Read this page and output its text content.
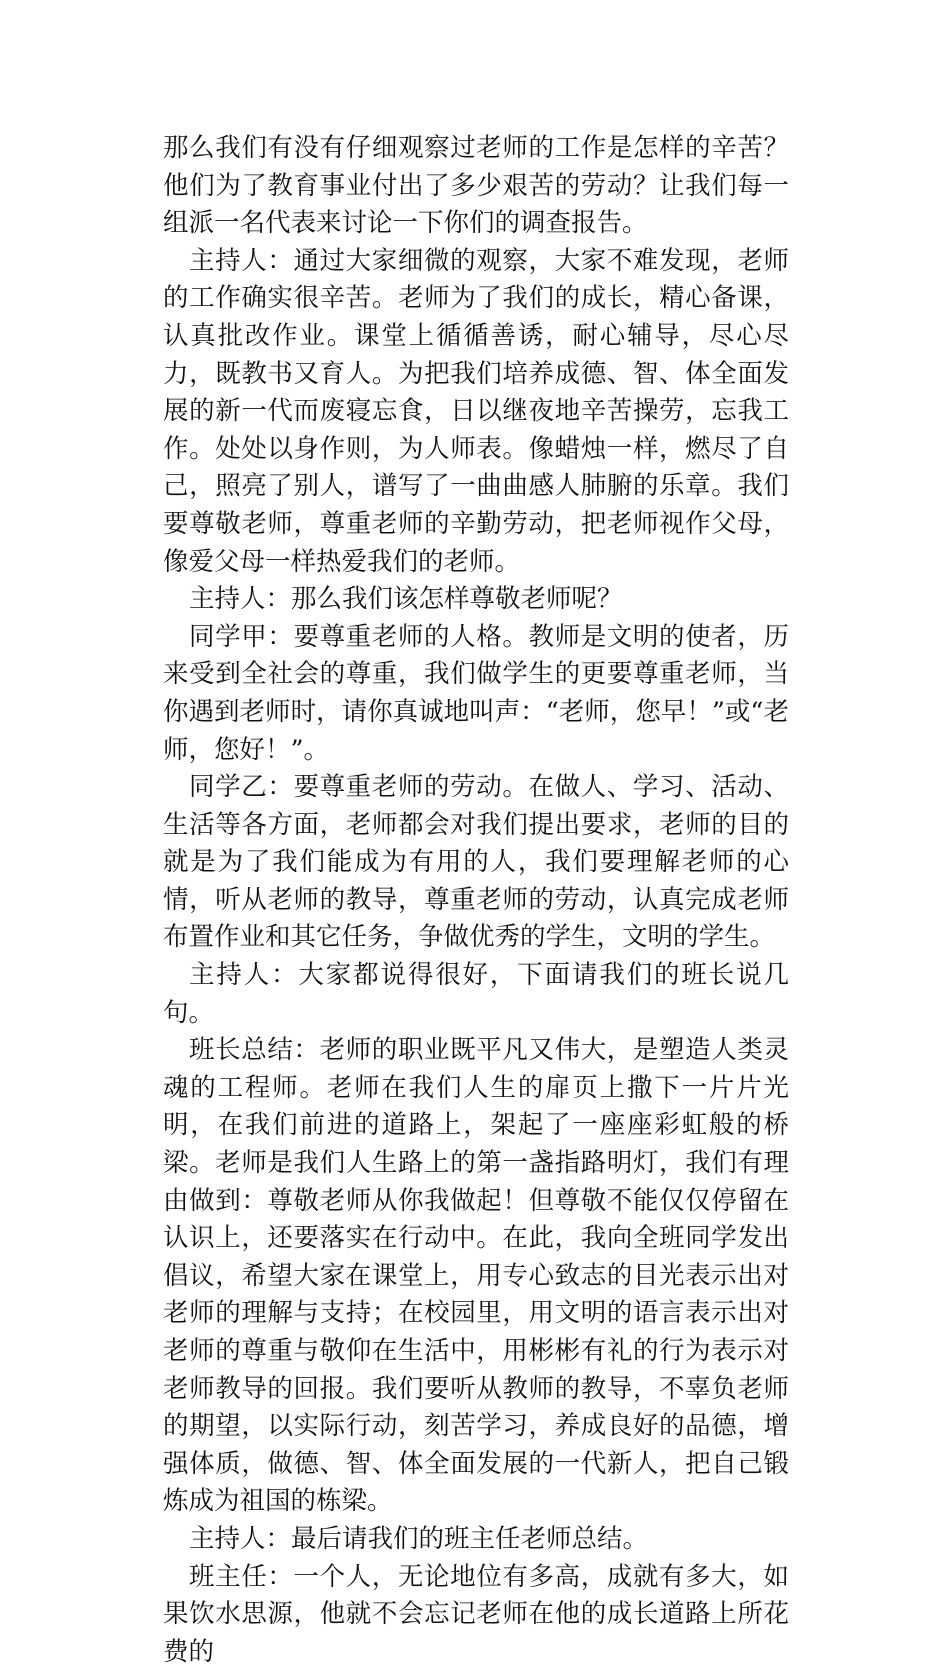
那么我们有没有仔细观察过老师的工作是怎样的辛苦？他们为了教育事业付出了多少艰苦的劳动？让我们每一组派一名代表来讨论一下你们的调查报告。

主持人：通过大家细微的观察，大家不难发现，老师的工作确实很辛苦。老师为了我们的成长，精心备课，认真批改作业。课堂上循循善诱，耐心辅导，尽心尽力，既教书又育人。为把我们培养成德、智、体全面发展的新一代而废寝忘食，日以继夜地辛苦操劳，忘我工作。处处以身作则，为人师表。像蜡烛一样，燃尽了自己，照亮了别人，谱写了一曲曲感人肺腑的乐章。我们要尊敬老师，尊重老师的辛勤劳动，把老师视作父母，像爱父母一样热爱我们的老师。

主持人：那么我们该怎样尊敬老师呢？

同学甲：要尊重老师的人格。教师是文明的使者，历来受到全社会的尊重，我们做学生的更要尊重老师，当你遇到老师时，请你真诚地叫声：“老师，您早！”或“老师，您好！”。

同学乙：要尊重老师的劳动。在做人、学习、活动、生活等各方面，老师都会对我们提出要求，老师的目的就是为了我们能成为有用的人，我们要理解老师的心情，听从老师的教导，尊重老师的劳动，认真完成老师布置作业和其它任务，争做优秀的学生，文明的学生。

主持人：大家都说得很好，下面请我们的班长说几句。

班长总结：老师的职业既平凡又伟大，是塑造人类灵魂的工程师。老师在我们人生的扉页上撒下一片片光明，在我们前进的道路上，架起了一座座彩虹般的桥梁。老师是我们人生路上的第一盏指路明灯，我们有理由做到：尊敬老师从你我做起！但尊敬不能仅仅停留在认识上，还要落实在行动中。在此，我向全班同学发出倡议，希望大家在课堂上，用专心致志的目光表示出对老师的理解与支持；在校园里，用文明的语言表示出对老师的尊重与敬仰在生活中，用彬彬有礼的行为表示对老师教导的回报。我们要听从教师的教导，不辜负老师的期望，以实际行动，刻苦学习，养成良好的品德，增强体质，做德、智、体全面发展的一代新人，把自己锻炼成为祖国的栋梁。

主持人：最后请我们的班主任老师总结。

班主任：一个人，无论地位有多高，成就有多大，如果饮水思源，他就不会忘记老师在他的成长道路上所花费的
